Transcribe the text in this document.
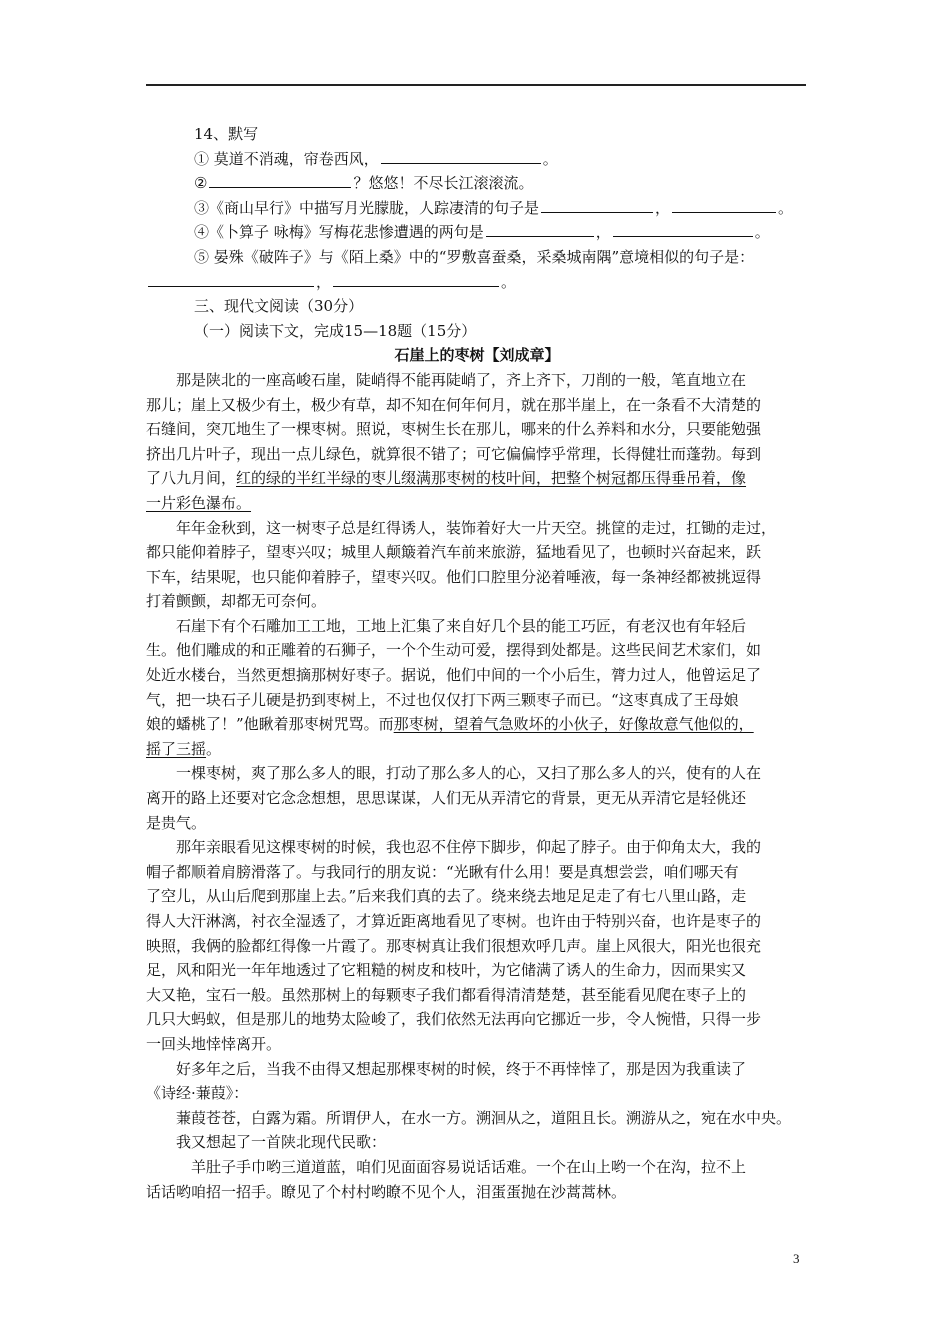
14、默写
① 莫道不消魂，帘卷西风，	。
②	？悠悠！不尽长江滚滚流。
③《商山早行》中描写月光朦胧，人踪凄清的句子是	，	。
④《卜算子 咏梅》写梅花悲惨遭遇的两句是	，	。
⑤ 晏殊《破阵子》与《陌上桑》中的“罗敷喜蚕桑，采桑城南隅”意境相似的句子是：
，	。
三、现代文阅读（30分）
（一）阅读下文，完成15—18题（15分）
石崖上的枣树【刘成章】
那是陕北的一座高峻石崖，陡峭得不能再陡峭了，齐上齐下，刀削的一般，笔直地立在
那儿；崖上又极少有土，极少有草，却不知在何年何月，就在那半崖上，在一条看不大清楚的
石缝间，突兀地生了一棵枣树。照说，枣树生长在那儿，哪来的什么养料和水分，只要能勉强
挤出几片叶子，现出一点儿绿色，就算很不错了；可它偏偏悖乎常理，长得健壮而蓬勃。每到
了八九月间，红的绿的半红半绿的枣儿缀满那枣树的枝叶间，把整个树冠都压得垂吊着，像
一片彩色瀑布。
年年金秋到，这一树枣子总是红得诱人，装饰着好大一片天空。挑筐的走过，扛锄的走过，
都只能仰着脖子，望枣兴叹；城里人颠簸着汽车前来旅游，猛地看见了，也顿时兴奋起来，跃
下车，结果呢，也只能仰着脖子，望枣兴叹。他们口腔里分泌着唾液，每一条神经都被挑逗得
打着颤颤，却都无可奈何。
石崖下有个石雕加工工地，工地上汇集了来自好几个县的能工巧匠，有老汉也有年轻后
生。他们雕成的和正雕着的石狮子，一个个生动可爱，摆得到处都是。这些民间艺术家们，如
处近水楼台，当然更想摘那树好枣子。据说，他们中间的一个小后生，膂力过人，他曾运足了
气，把一块石子儿硬是扔到枣树上，不过也仅仅打下两三颗枣子而已。“这枣真成了王母娘
娘的蟠桃了！”他瞅着那枣树咒骂。而那枣树，望着气急败坏的小伙子，好像故意气他似的，
摇了三摇。
一棵枣树，爽了那么多人的眼，打动了那么多人的心，又扫了那么多人的兴，使有的人在
离开的路上还要对它念念想想，思思谋谋，人们无从弄清它的背景，更无从弄清它是轻佻还
是贵气。
那年亲眼看见这棵枣树的时候，我也忍不住停下脚步，仰起了脖子。由于仰角太大，我的
帽子都顺着肩膀滑落了。与我同行的朋友说：“光瞅有什么用！要是真想尝尝，咱们哪天有
了空儿，从山后爬到那崖上去。”后来我们真的去了。绕来绕去地足足走了有七八里山路，走
得人大汗淋漓，衬衣全湿透了，才算近距离地看见了枣树。也许由于特别兴奋，也许是枣子的
映照，我俩的脸都红得像一片霞了。那枣树真让我们很想欢呼几声。崖上风很大，阳光也很充
足，风和阳光一年年地透过了它粗糙的树皮和枝叶，为它储满了诱人的生命力，因而果实又
大又艳，宝石一般。虽然那树上的每颗枣子我们都看得清清楚楚，甚至能看见爬在枣子上的
几只大蚂蚁，但是那儿的地势太险峻了，我们依然无法再向它挪近一步，令人惋惜，只得一步
一回头地悻悻离开。
好多年之后，当我不由得又想起那棵枣树的时候，终于不再悻悻了，那是因为我重读了
《诗经·蒹葭》：
蒹葭苍苍，白露为霜。所谓伊人，在水一方。溯洄从之，道阻且长。溯游从之，宛在水中央。
我又想起了一首陕北现代民歌：
羊肚子手巾哟三道道蓝，咱们见面面容易说话话难。一个在山上哟一个在沟，拉不上
话话哟咱招一招手。瞭见了个村村哟瞭不见个人，泪蛋蛋抛在沙蒿蒿林。
3
